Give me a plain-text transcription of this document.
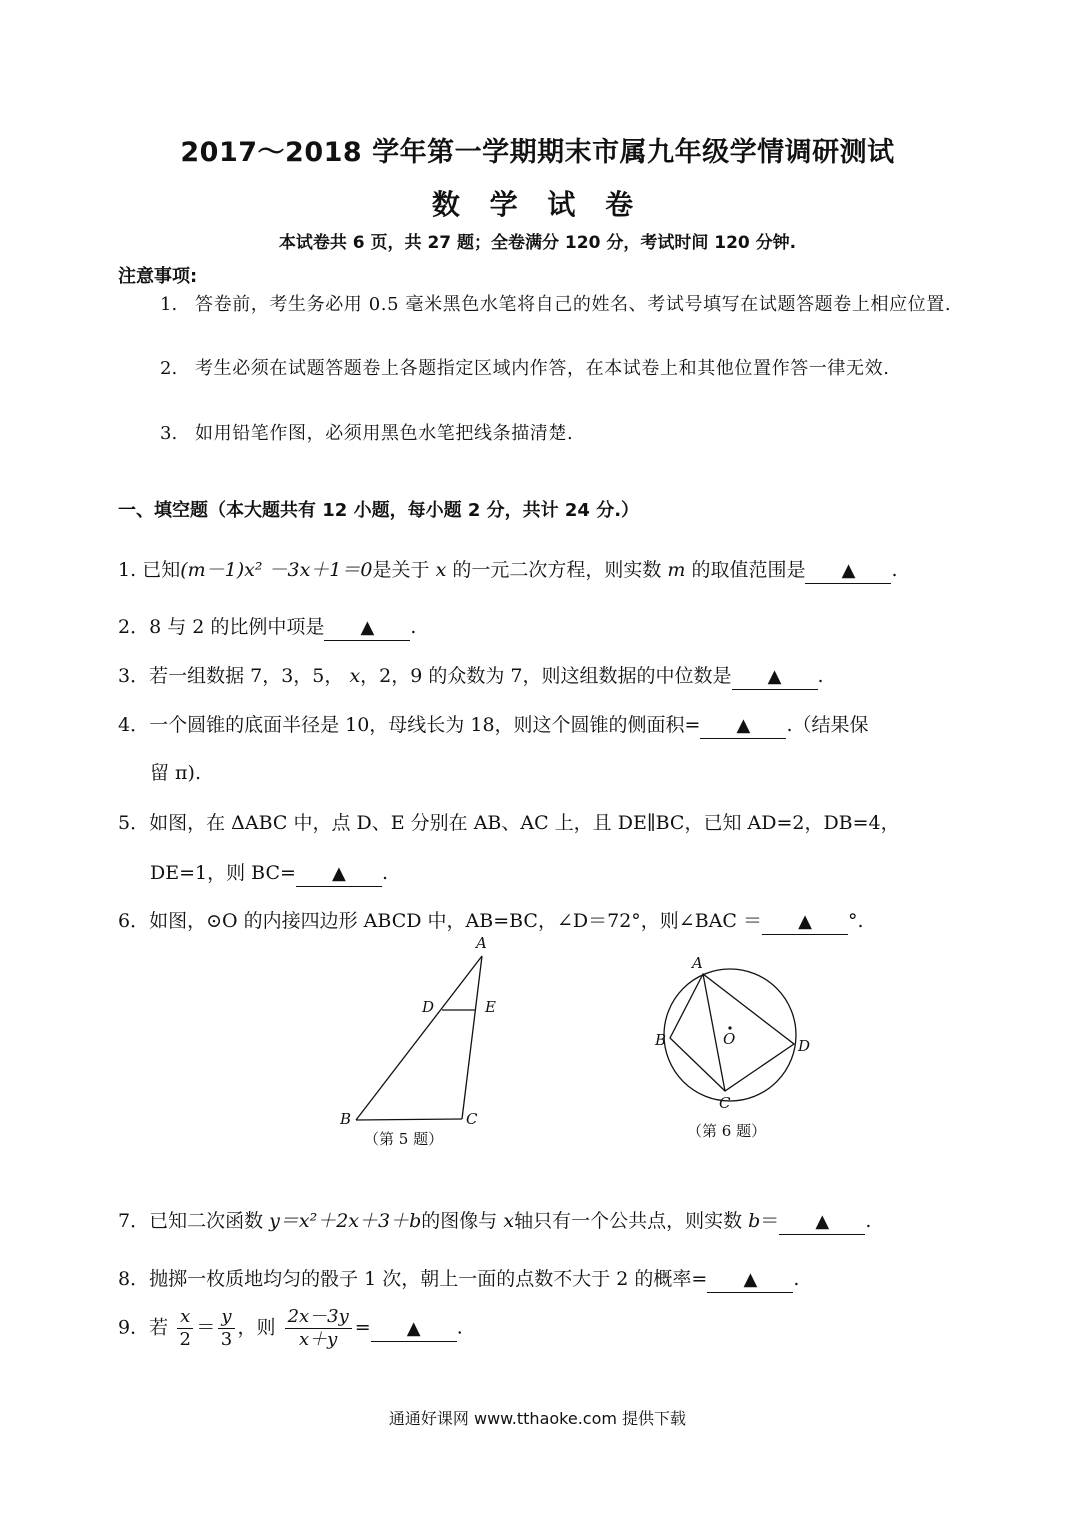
2017～2018 学年第一学期期末市属九年级学情调研测试
数 学 试 卷
本试卷共 6 页，共 27 题；全卷满分 120 分，考试时间 120 分钟.
注意事项:
1. 答卷前，考生务必用 0.5 毫米黑色水笔将自己的姓名、考试号填写在试题答题卷上相应位置.
2. 考生必须在试题答题卷上各题指定区域内作答，在本试卷上和其他位置作答一律无效.
3. 如用铅笔作图，必须用黑色水笔把线条描清楚.
一、填空题（本大题共有 12 小题，每小题 2 分，共计 24 分.）
1. 已知(m－1)x² －3x＋1＝0是关于 x 的一元二次方程，则实数 m 的取值范围是 ▲ .
2．8 与 2 的比例中项是 ▲ .
3．若一组数据 7，3，5， x，2，9 的众数为 7，则这组数据的中位数是 ▲ .
4．一个圆锥的底面半径是 10，母线长为 18，则这个圆锥的侧面积= ▲ .（结果保
留 π).
5．如图，在 ΔABC 中，点 D、E 分别在 AB、AC 上，且 DE∥BC，已知 AD=2，DB=4，
DE=1，则 BC= ▲ .
6．如图，⊙O 的内接四边形 ABCD 中，AB=BC，∠D＝72°，则∠BAC ＝ ▲ °.
A
D	E
B	C
（第 5 题）
A
B
C
D
O
（第 6 题）
7．已知二次函数 y＝x²＋2x＋3＋b的图像与 x轴只有一个公共点，则实数 b＝ ▲ .
8．抛掷一枚质地均匀的骰子 1 次，朝上一面的点数不大于 2 的概率= ▲ .
9．若 $\frac{x}{2} = \frac{y}{3}$ ，则 $\frac{2x-3y}{x+y}$ = ▲ .
通通好课网 www.tthaoke.com 提供下载
